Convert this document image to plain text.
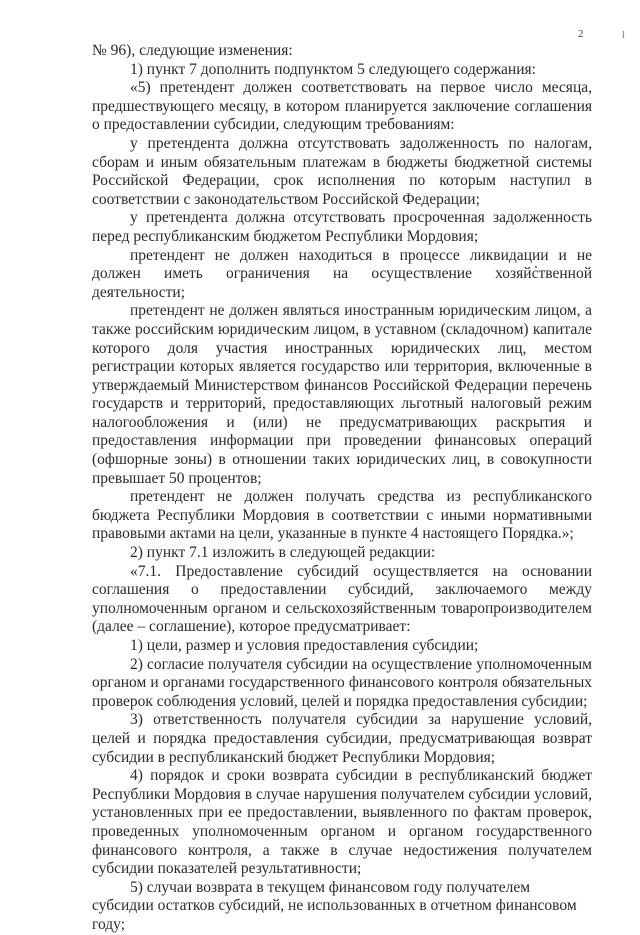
2	ł

№ 96), следующие изменения:

1) пункт 7 дополнить подпунктом 5 следующего содержания:

«5) претендент должен соответствовать на первое число месяца, предшествующего месяцу, в котором планируется заключение соглашения о предоставлении субсидии, следующим требованиям:

у претендента должна отсутствовать задолженность по налогам, сборам и иным обязательным платежам в бюджеты бюджетной системы Российской Федерации, срок исполнения по которым наступил в соответствии с законодательством Российской Федерации;

у претендента должна отсутствовать просроченная задолженность перед республиканским бюджетом Республики Мордовия;

претендент не должен находиться в процессе ликвидации и не должен иметь ограничения на осуществление хозяйственной деятельности;

претендент не должен являться иностранным юридическим лицом, а также российским юридическим лицом, в уставном (складочном) капитале которого доля участия иностранных юридических лиц, местом регистрации которых является государство или территория, включенные в утверждаемый Министерством финансов Российской Федерации перечень государств и территорий, предоставляющих льготный налоговый режим налогообложения и (или) не предусматривающих раскрытия и предоставления информации при проведении финансовых операций (офшорные зоны) в отношении таких юридических лиц, в совокупности превышает 50 процентов;

претендент не должен получать средства из республиканского бюджета Республики Мордовия в соответствии с иными нормативными правовыми актами на цели, указанные в пункте 4 настоящего Порядка.»;

2) пункт 7.1 изложить в следующей редакции:

«7.1. Предоставление субсидий осуществляется на основании соглашения о предоставлении субсидий, заключаемого между уполномоченным органом и сельскохозяйственным товаропроизводителем (далее – соглашение), которое предусматривает:

1) цели, размер и условия предоставления субсидии;

2) согласие получателя субсидии на осуществление уполномоченным органом и органами государственного финансового контроля обязательных проверок соблюдения условий, целей и порядка предоставления субсидии;

3) ответственность получателя субсидии за нарушение условий, целей и порядка предоставления субсидии, предусматривающая возврат субсидии в республиканский бюджет Республики Мордовия;

4) порядок и сроки возврата субсидии в республиканский бюджет Республики Мордовия в случае нарушения получателем субсидии условий, установленных при ее предоставлении, выявленного по фактам проверок, проведенных уполномоченным органом и органом государственного финансового контроля, а также в случае недостижения получателем субсидии показателей результативности;

5) случаи возврата в текущем финансовом году получателем субсидии остатков субсидий, не использованных в отчетном финансовом году;
